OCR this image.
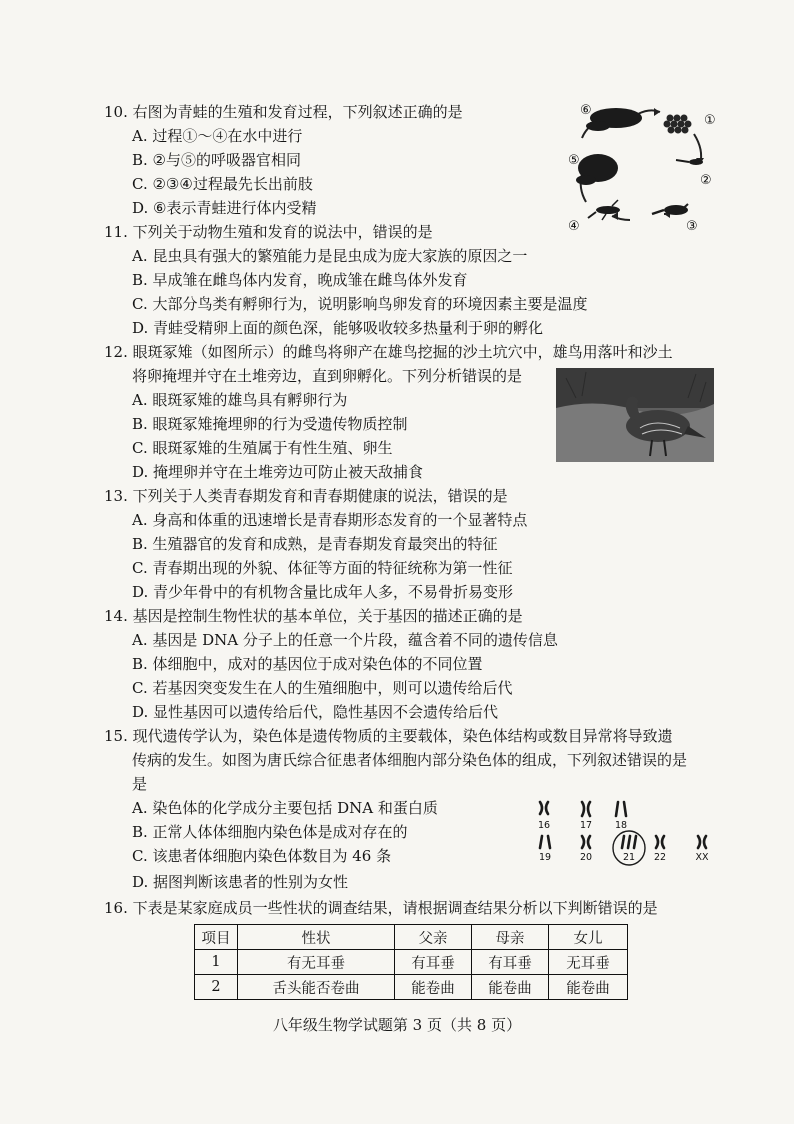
10. 右图为青蛙的生殖和发育过程，下列叙述正确的是
A. 过程①～④在水中进行
B. ②与⑤的呼吸器官相同
C. ②③④过程最先长出前肢
D. ⑥表示青蛙进行体内受精
①
②
③
④
⑤
⑥
11. 下列关于动物生殖和发育的说法中，错误的是
A. 昆虫具有强大的繁殖能力是昆虫成为庞大家族的原因之一
B. 早成雏在雌鸟体内发育，晚成雏在雌鸟体外发育
C. 大部分鸟类有孵卵行为，说明影响鸟卵发育的环境因素主要是温度
D. 青蛙受精卵上面的颜色深，能够吸收较多热量利于卵的孵化
12. 眼斑冢雉（如图所示）的雌鸟将卵产在雄鸟挖掘的沙土坑穴中，雄鸟用落叶和沙土
将卵掩埋并守在土堆旁边，直到卵孵化。下列分析错误的是
A. 眼斑冢雉的雄鸟具有孵卵行为
B. 眼斑冢雉掩埋卵的行为受遗传物质控制
C. 眼斑冢雉的生殖属于有性生殖、卵生
D. 掩埋卵并守在土堆旁边可防止被天敌捕食
13. 下列关于人类青春期发育和青春期健康的说法，错误的是
A. 身高和体重的迅速增长是青春期形态发育的一个显著特点
B. 生殖器官的发育和成熟，是青春期发育最突出的特征
C. 青春期出现的外貌、体征等方面的特征统称为第一性征
D. 青少年骨中的有机物含量比成年人多，不易骨折易变形
14. 基因是控制生物性状的基本单位，关于基因的描述正确的是
A. 基因是 DNA 分子上的任意一个片段，蕴含着不同的遗传信息
B. 体细胞中，成对的基因位于成对染色体的不同位置
C. 若基因突变发生在人的生殖细胞中，则可以遗传给后代
D. 显性基因可以遗传给后代，隐性基因不会遗传给后代
15. 现代遗传学认为，染色体是遗传物质的主要载体，染色体结构或数目异常将导致遗
传病的发生。如图为唐氏综合征患者体细胞内部分染色体的组成，下列叙述错误的是
是
A. 染色体的化学成分主要包括 DNA 和蛋白质
B. 正常人体体细胞内染色体是成对存在的
C. 该患者体细胞内染色体数目为 46 条
D. 据图判断该患者的性别为女性
16	17 18
19	20	21 22	XX
16. 下表是某家庭成员一些性状的调查结果，请根据调查结果分析以下判断错误的是
项目	性状	父亲	母亲	女儿
1	有无耳垂	有耳垂	有耳垂	无耳垂
2	舌头能否卷曲	能卷曲	能卷曲	能卷曲
八年级生物学试题第 3 页（共 8 页）
